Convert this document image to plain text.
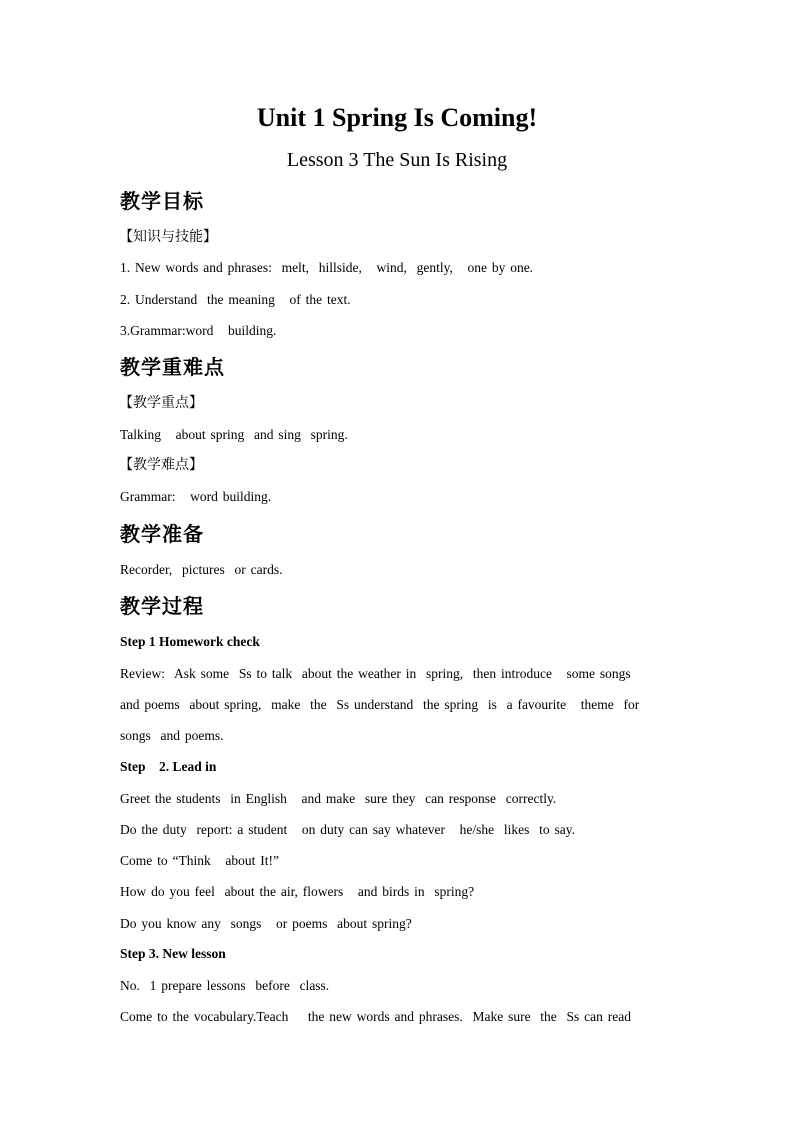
Unit 1 Spring Is Coming!
Lesson 3 The Sun Is Rising
教学目标
【知识与技能】
1. New words and phrases:  melt,  hillside,   wind,  gently,   one by one.
2. Understand  the meaning   of the text.
3.Grammar:word   building.
教学重难点
【教学重点】
Talking   about spring  and sing  spring.
【教学难点】
Grammar:   word building.
教学准备
Recorder,  pictures  or cards.
教学过程
Step 1 Homework check
Review:  Ask some  Ss to talk  about the weather in  spring,  then introduce   some songs
and poems  about spring,  make  the  Ss understand  the spring  is  a favourite   theme  for
songs  and poems.
Step    2. Lead in
Greet the students  in English   and make  sure they  can response  correctly.
Do the duty  report: a student   on duty can say whatever   he/she  likes  to say.
Come to “Think   about It!”
How do you feel  about the air, flowers   and birds in  spring?
Do you know any  songs   or poems  about spring?
Step 3. New lesson
No.  1 prepare lessons  before  class.
Come to the vocabulary.Teach    the new words and phrases.  Make sure  the  Ss can read
